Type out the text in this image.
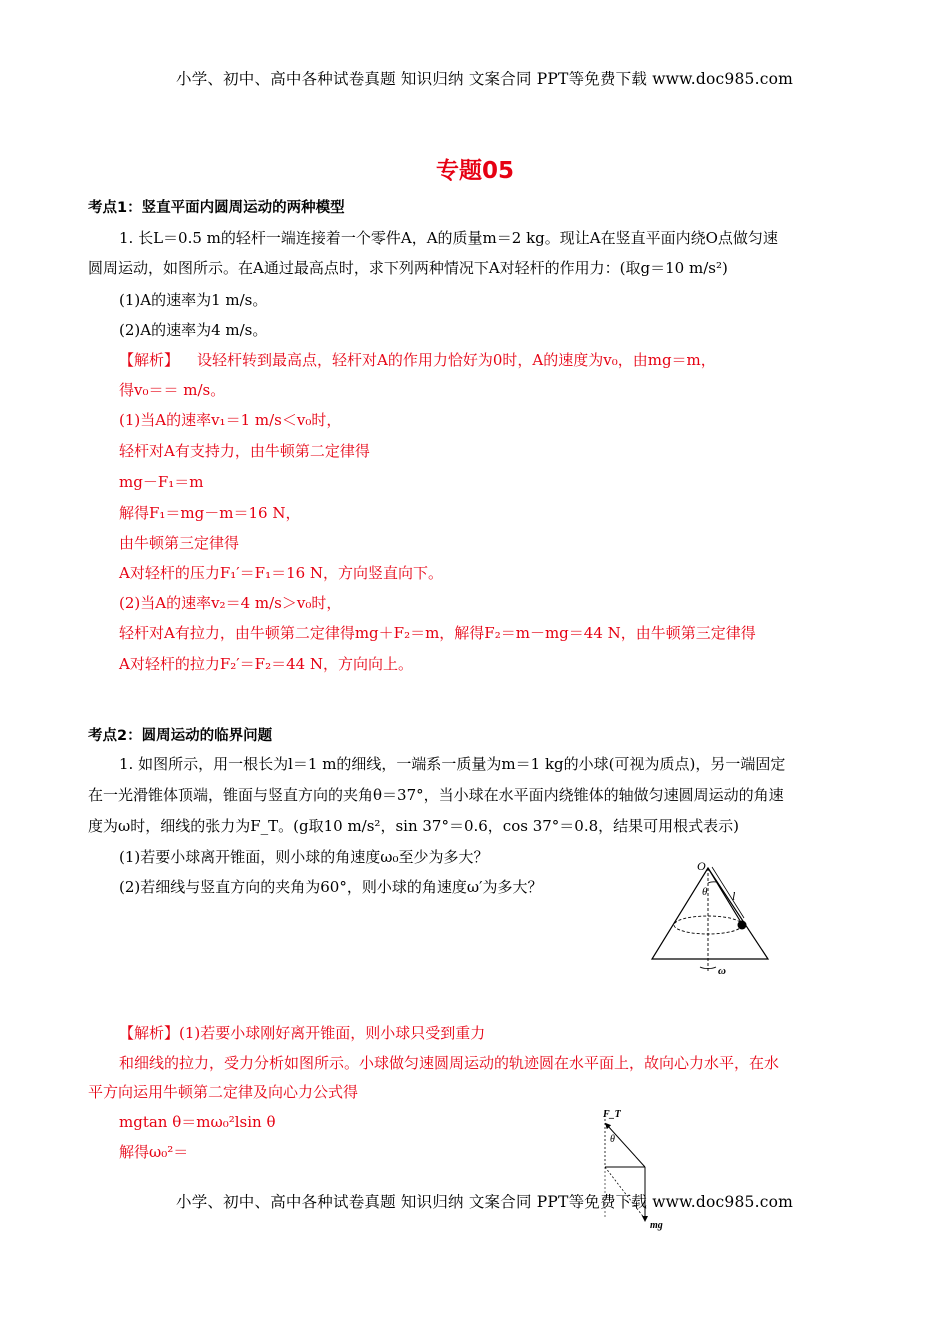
小学、初中、高中各种试卷真题 知识归纳 文案合同 PPT等免费下载 www.doc985.com
专题05
考点1：竖直平面内圆周运动的两种模型
1. 长L＝0.5 m的轻杆一端连接着一个零件A，A的质量m＝2 kg。现让A在竖直平面内绕O点做匀速
圆周运动，如图所示。在A通过最高点时，求下列两种情况下A对轻杆的作用力：(取g＝10 m/s²)
(1)A的速率为1 m/s。
(2)A的速率为4 m/s。
【解析】 设轻杆转到最高点，轻杆对A的作用力恰好为0时，A的速度为v₀，由mg＝m，
得v₀＝＝ m/s。
(1)当A的速率v₁＝1 m/s＜v₀时，
轻杆对A有支持力，由牛顿第二定律得
mg－F₁＝m
解得F₁＝mg－m＝16 N，
由牛顿第三定律得
A对轻杆的压力F₁′＝F₁＝16 N，方向竖直向下。
(2)当A的速率v₂＝4 m/s＞v₀时，
轻杆对A有拉力，由牛顿第二定律得mg＋F₂＝m，解得F₂＝m－mg＝44 N，由牛顿第三定律得
A对轻杆的拉力F₂′＝F₂＝44 N，方向向上。
考点2：圆周运动的临界问题
1. 如图所示，用一根长为l＝1 m的细线，一端系一质量为m＝1 kg的小球(可视为质点)，另一端固定
在一光滑锥体顶端，锥面与竖直方向的夹角θ＝37°，当小球在水平面内绕锥体的轴做匀速圆周运动的角速
度为ω时，细线的张力为F_T。(g取10 m/s²，sin 37°＝0.6，cos 37°＝0.8，结果可用根式表示)
(1)若要小球离开锥面，则小球的角速度ω₀至少为多大？
(2)若细线与竖直方向的夹角为60°，则小球的角速度ω′为多大？
O
θ l
ω
【解析】(1)若要小球刚好离开锥面，则小球只受到重力
和细线的拉力，受力分析如图所示。小球做匀速圆周运动的轨迹圆在水平面上，故向心力水平，在水
平方向运用牛顿第二定律及向心力公式得
mgtan θ＝mω₀²lsin θ
解得ω₀²＝
F_T
θ
mg
小学、初中、高中各种试卷真题 知识归纳 文案合同 PPT等免费下载 www.doc985.com
